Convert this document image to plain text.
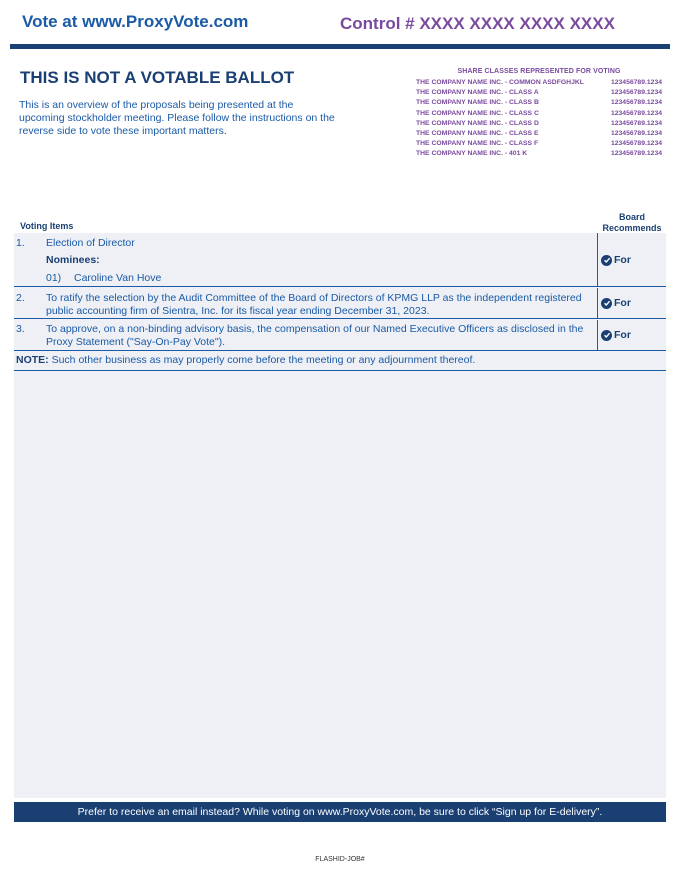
Vote at www.ProxyVote.com	Control # XXXX XXXX XXXX XXXX
THIS IS NOT A VOTABLE BALLOT
This is an overview of the proposals being presented at the upcoming stockholder meeting. Please follow the instructions on the reverse side to vote these important matters.
SHARE CLASSES REPRESENTED FOR VOTING
THE COMPANY NAME INC. - COMMON ASDFGHJKL	123456789.1234
THE COMPANY NAME INC. - CLASS A	123456789.1234
THE COMPANY NAME INC. - CLASS B	123456789.1234
THE COMPANY NAME INC. - CLASS C	123456789.1234
THE COMPANY NAME INC. - CLASS D	123456789.1234
THE COMPANY NAME INC. - CLASS E	123456789.1234
THE COMPANY NAME INC. - CLASS F	123456789.1234
THE COMPANY NAME INC. - 401 K	123456789.1234
Voting Items
Board
Recommends
1. Election of Director
Nominees:
01)	Caroline Van Hove
For
2. To ratify the selection by the Audit Committee of the Board of Directors of KPMG LLP as the independent registered public accounting firm of Sientra, Inc. for its fiscal year ending December 31, 2023.
For
3. To approve, on a non-binding advisory basis, the compensation of our Named Executive Officers as disclosed in the Proxy Statement ("Say-On-Pay Vote").
For
NOTE: Such other business as may properly come before the meeting or any adjournment thereof.
Prefer to receive an email instead? While voting on www.ProxyVote.com, be sure to click “Sign up for E-delivery”.
FLASHID-JOB#
